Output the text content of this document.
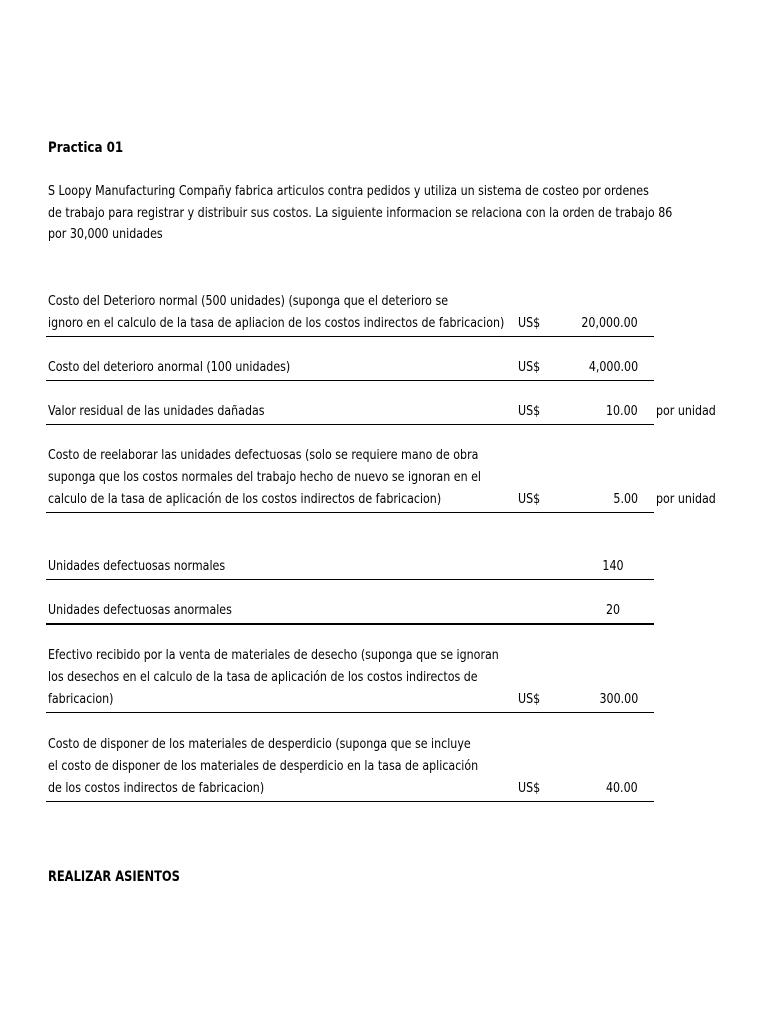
Practica 01
S Loopy Manufacturing Compañy fabrica articulos contra pedidos y utiliza un sistema de costeo por ordenes
de trabajo para registrar y distribuir sus costos. La siguiente informacion se relaciona con la orden de trabajo 86
por 30,000 unidades
Costo del Deterioro normal (500 unidades) (suponga que el deterioro se
ignoro en el calculo de la tasa de apliacion de los costos indirectos de fabricacion) US$	20,000.00
Costo del deterioro anormal (100 unidades)	US$	4,000.00
Valor residual de las unidades dañadas	US$	10.00 por unidad
Costo de reelaborar las unidades defectuosas (solo se requiere mano de obra
suponga que los costos normales del trabajo hecho de nuevo se ignoran en el
calculo de la tasa de aplicación de los costos indirectos de fabricacion)	US$	5.00 por unidad
Unidades defectuosas normales	140
Unidades defectuosas anormales	20
Efectivo recibido por la venta de materiales de desecho (suponga que se ignoran
los desechos en el calculo de la tasa de aplicación de los costos indirectos de
fabricacion)	US$	300.00
Costo de disponer de los materiales de desperdicio (suponga que se incluye
el costo de disponer de los materiales de desperdicio en la tasa de aplicación
de los costos indirectos de fabricacion)	US$	40.00
REALIZAR ASIENTOS
